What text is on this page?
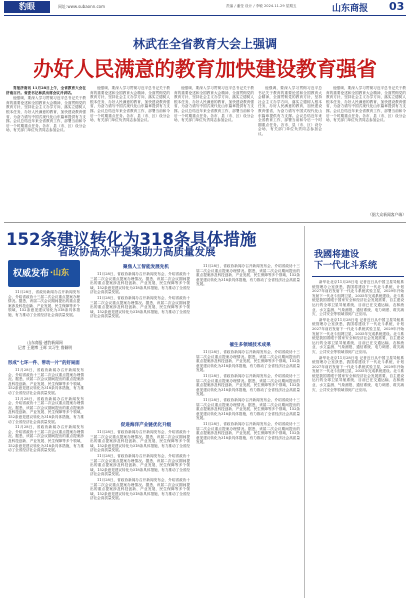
豹眼	网址:www.subaonn.com	责编 / 潘莹 设计 / 李敏 2024.11.29 星期五	山东商报 03
林武在全省教育大会上强调
办好人民满意的教育加快建设教育强省

青报济南讯 11月28日上午，全省教育大会在济南召开。省委书记林武出席会议并讲话。

他强调，要深入学习贯彻习近平总书记关于教育的重要论述和全国教育大会精神，全面贯彻党的教育方针，坚持社会主义办学方向，落实立德树人根本任务，办好人民满意的教育，加快建设教育强省，为奋力谱写中国式现代化山东篇章提供有力支撑。会议总结近年来全省教育工作，部署当前和今后一个时期重点任务。各市、县（市、区）设分会场，有关部门单位负责同志参加会议。

他强调，要深入学习贯彻习近平总书记关于教育的重要论述和全国教育大会精神，全面贯彻党的教育方针，坚持社会主义办学方向，落实立德树人根本任务，办好人民满意的教育，加快建设教育强省，为奋力谱写中国式现代化山东篇章提供有力支撑。会议总结近年来全省教育工作，部署当前和今后一个时期重点任务。各市、县（市、区）设分会场，有关部门单位负责同志参加会议。

他强调，要深入学习贯彻习近平总书记关于教育的重要论述和全国教育大会精神，全面贯彻党的教育方针，坚持社会主义办学方向，落实立德树人根本任务，办好人民满意的教育，加快建设教育强省，为奋力谱写中国式现代化山东篇章提供有力支撑。会议总结近年来全省教育工作，部署当前和今后一个时期重点任务。各市、县（市、区）设分会场，有关部门单位负责同志参加会议。

他强调，要深入学习贯彻习近平总书记关于教育的重要论述和全国教育大会精神，全面贯彻党的教育方针，坚持社会主义办学方向，落实立德树人根本任务，办好人民满意的教育，加快建设教育强省，为奋力谱写中国式现代化山东篇章提供有力支撑。会议总结近年来全省教育工作，部署当前和今后一个时期重点任务。各市、县（市、区）设分会场，有关部门单位负责同志参加会议。

他强调，要深入学习贯彻习近平总书记关于教育的重要论述和全国教育大会精神，全面贯彻党的教育方针，坚持社会主义办学方向，落实立德树人根本任务，办好人民满意的教育，加快建设教育强省，为奋力谱写中国式现代化山东篇章提供有力支撑。会议总结近年来全省教育工作，部署当前和今后一个时期重点任务。各市、县（市、区）设分会场，有关部门单位负责同志参加会议。

（据大众新闻客户端）
152条建议转化为318条具体措施
省政协高水平提案助力高质量发展
权威发布 ·山东

11月28日，省政协新闻办召开新闻发布会，介绍省政协十三届二次会议重点提案办理情况。据悉，该届二次会议期间提出的重点提案涉及科技创新、产业发展、民生保障等多个领域，152条意见建议转化为318条具体措施，有力推动了全省经济社会高质量发展。

山东商报·速豹新闻网
记者 王建博 王晖 实习生 鲁颖明
形成“七环一件、带动一片”的好局面

11月28日，省政协新闻办召开新闻发布会，介绍省政协十三届二次会议重点提案办理情况。据悉，该届二次会议期间提出的重点提案涉及科技创新、产业发展、民生保障等多个领域，152条意见建议转化为318条具体措施，有力推动了全省经济社会高质量发展。

11月28日，省政协新闻办召开新闻发布会，介绍省政协十三届二次会议重点提案办理情况。据悉，该届二次会议期间提出的重点提案涉及科技创新、产业发展、民生保障等多个领域，152条意见建议转化为318条具体措施，有力推动了全省经济社会高质量发展。

11月28日，省政协新闻办召开新闻发布会，介绍省政协十三届二次会议重点提案办理情况。据悉，该届二次会议期间提出的重点提案涉及科技创新、产业发展、民生保障等多个领域，152条意见建议转化为318条具体措施，有力推动了全省经济社会高质量发展。

聚焦人工智能发展先机

11月28日，省政协新闻办召开新闻发布会，介绍省政协十三届二次会议重点提案办理情况。据悉，该届二次会议期间提出的重点提案涉及科技创新、产业发展、民生保障等多个领域，152条意见建议转化为318条具体措施，有力推动了全省经济社会高质量发展。

11月28日，省政协新闻办召开新闻发布会，介绍省政协十三届二次会议重点提案办理情况。据悉，该届二次会议期间提出的重点提案涉及科技创新、产业发展、民生保障等多个领域，152条意见建议转化为318条具体措施，有力推动了全省经济社会高质量发展。

促进海洋产业链优化升级

11月28日，省政协新闻办召开新闻发布会，介绍省政协十三届二次会议重点提案办理情况。据悉，该届二次会议期间提出的重点提案涉及科技创新、产业发展、民生保障等多个领域，152条意见建议转化为318条具体措施，有力推动了全省经济社会高质量发展。

11月28日，省政协新闻办召开新闻发布会，介绍省政协十三届二次会议重点提案办理情况。据悉，该届二次会议期间提出的重点提案涉及科技创新、产业发展、民生保障等多个领域，152条意见建议转化为318条具体措施，有力推动了全省经济社会高质量发展。

11月28日，省政协新闻办召开新闻发布会，介绍省政协十三届二次会议重点提案办理情况。据悉，该届二次会议期间提出的重点提案涉及科技创新、产业发展、民生保障等多个领域，152条意见建议转化为318条具体措施，有力推动了全省经济社会高质量发展。

11月28日，省政协新闻办召开新闻发布会，介绍省政协十三届二次会议重点提案办理情况。据悉，该届二次会议期间提出的重点提案涉及科技创新、产业发展、民生保障等多个领域，152条意见建议转化为318条具体措施，有力推动了全省经济社会高质量发展。

催生多领域技术成果

11月28日，省政协新闻办召开新闻发布会，介绍省政协十三届二次会议重点提案办理情况。据悉，该届二次会议期间提出的重点提案涉及科技创新、产业发展、民生保障等多个领域，152条意见建议转化为318条具体措施，有力推动了全省经济社会高质量发展。

11月28日，省政协新闻办召开新闻发布会，介绍省政协十三届二次会议重点提案办理情况。据悉，该届二次会议期间提出的重点提案涉及科技创新、产业发展、民生保障等多个领域，152条意见建议转化为318条具体措施，有力推动了全省经济社会高质量发展。

11月28日，省政协新闻办召开新闻发布会，介绍省政协十三届二次会议重点提案办理情况。据悉，该届二次会议期间提出的重点提案涉及科技创新、产业发展、民生保障等多个领域，152条意见建议转化为318条具体措施，有力推动了全省经济社会高质量发展。

11月28日，省政协新闻办召开新闻发布会，介绍省政协十三届二次会议重点提案办理情况。据悉，该届二次会议期间提出的重点提案涉及科技创新、产业发展、民生保障等多个领域，152条意见建议转化为318条具体措施，有力推动了全省经济社会高质量发展。

我國将建设
下一代北斗系统

新华社北京11月28日电 记者近日从中国卫星导航系统管理办公室获悉，我国将建设下一代北斗系统，计划2027年前后发射下一代北斗系统试验卫星，2029年开始发射下一代北斗组网卫星，2035年完成系统建设。北斗系统是我国着眼于国家安全和经济社会发展需要，自主建设运行的全球卫星导航系统，目前已在交通运输、农林渔业、水文监测、气象测报、通信系统、电力调度、救灾减灾、公共安全等领域得到广泛应用。

新华社北京11月28日电 记者近日从中国卫星导航系统管理办公室获悉，我国将建设下一代北斗系统，计划2027年前后发射下一代北斗系统试验卫星，2029年开始发射下一代北斗组网卫星，2035年完成系统建设。北斗系统是我国着眼于国家安全和经济社会发展需要，自主建设运行的全球卫星导航系统，目前已在交通运输、农林渔业、水文监测、气象测报、通信系统、电力调度、救灾减灾、公共安全等领域得到广泛应用。

新华社北京11月28日电 记者近日从中国卫星导航系统管理办公室获悉，我国将建设下一代北斗系统，计划2027年前后发射下一代北斗系统试验卫星，2029年开始发射下一代北斗组网卫星，2035年完成系统建设。北斗系统是我国着眼于国家安全和经济社会发展需要，自主建设运行的全球卫星导航系统，目前已在交通运输、农林渔业、水文监测、气象测报、通信系统、电力调度、救灾减灾、公共安全等领域得到广泛应用。
